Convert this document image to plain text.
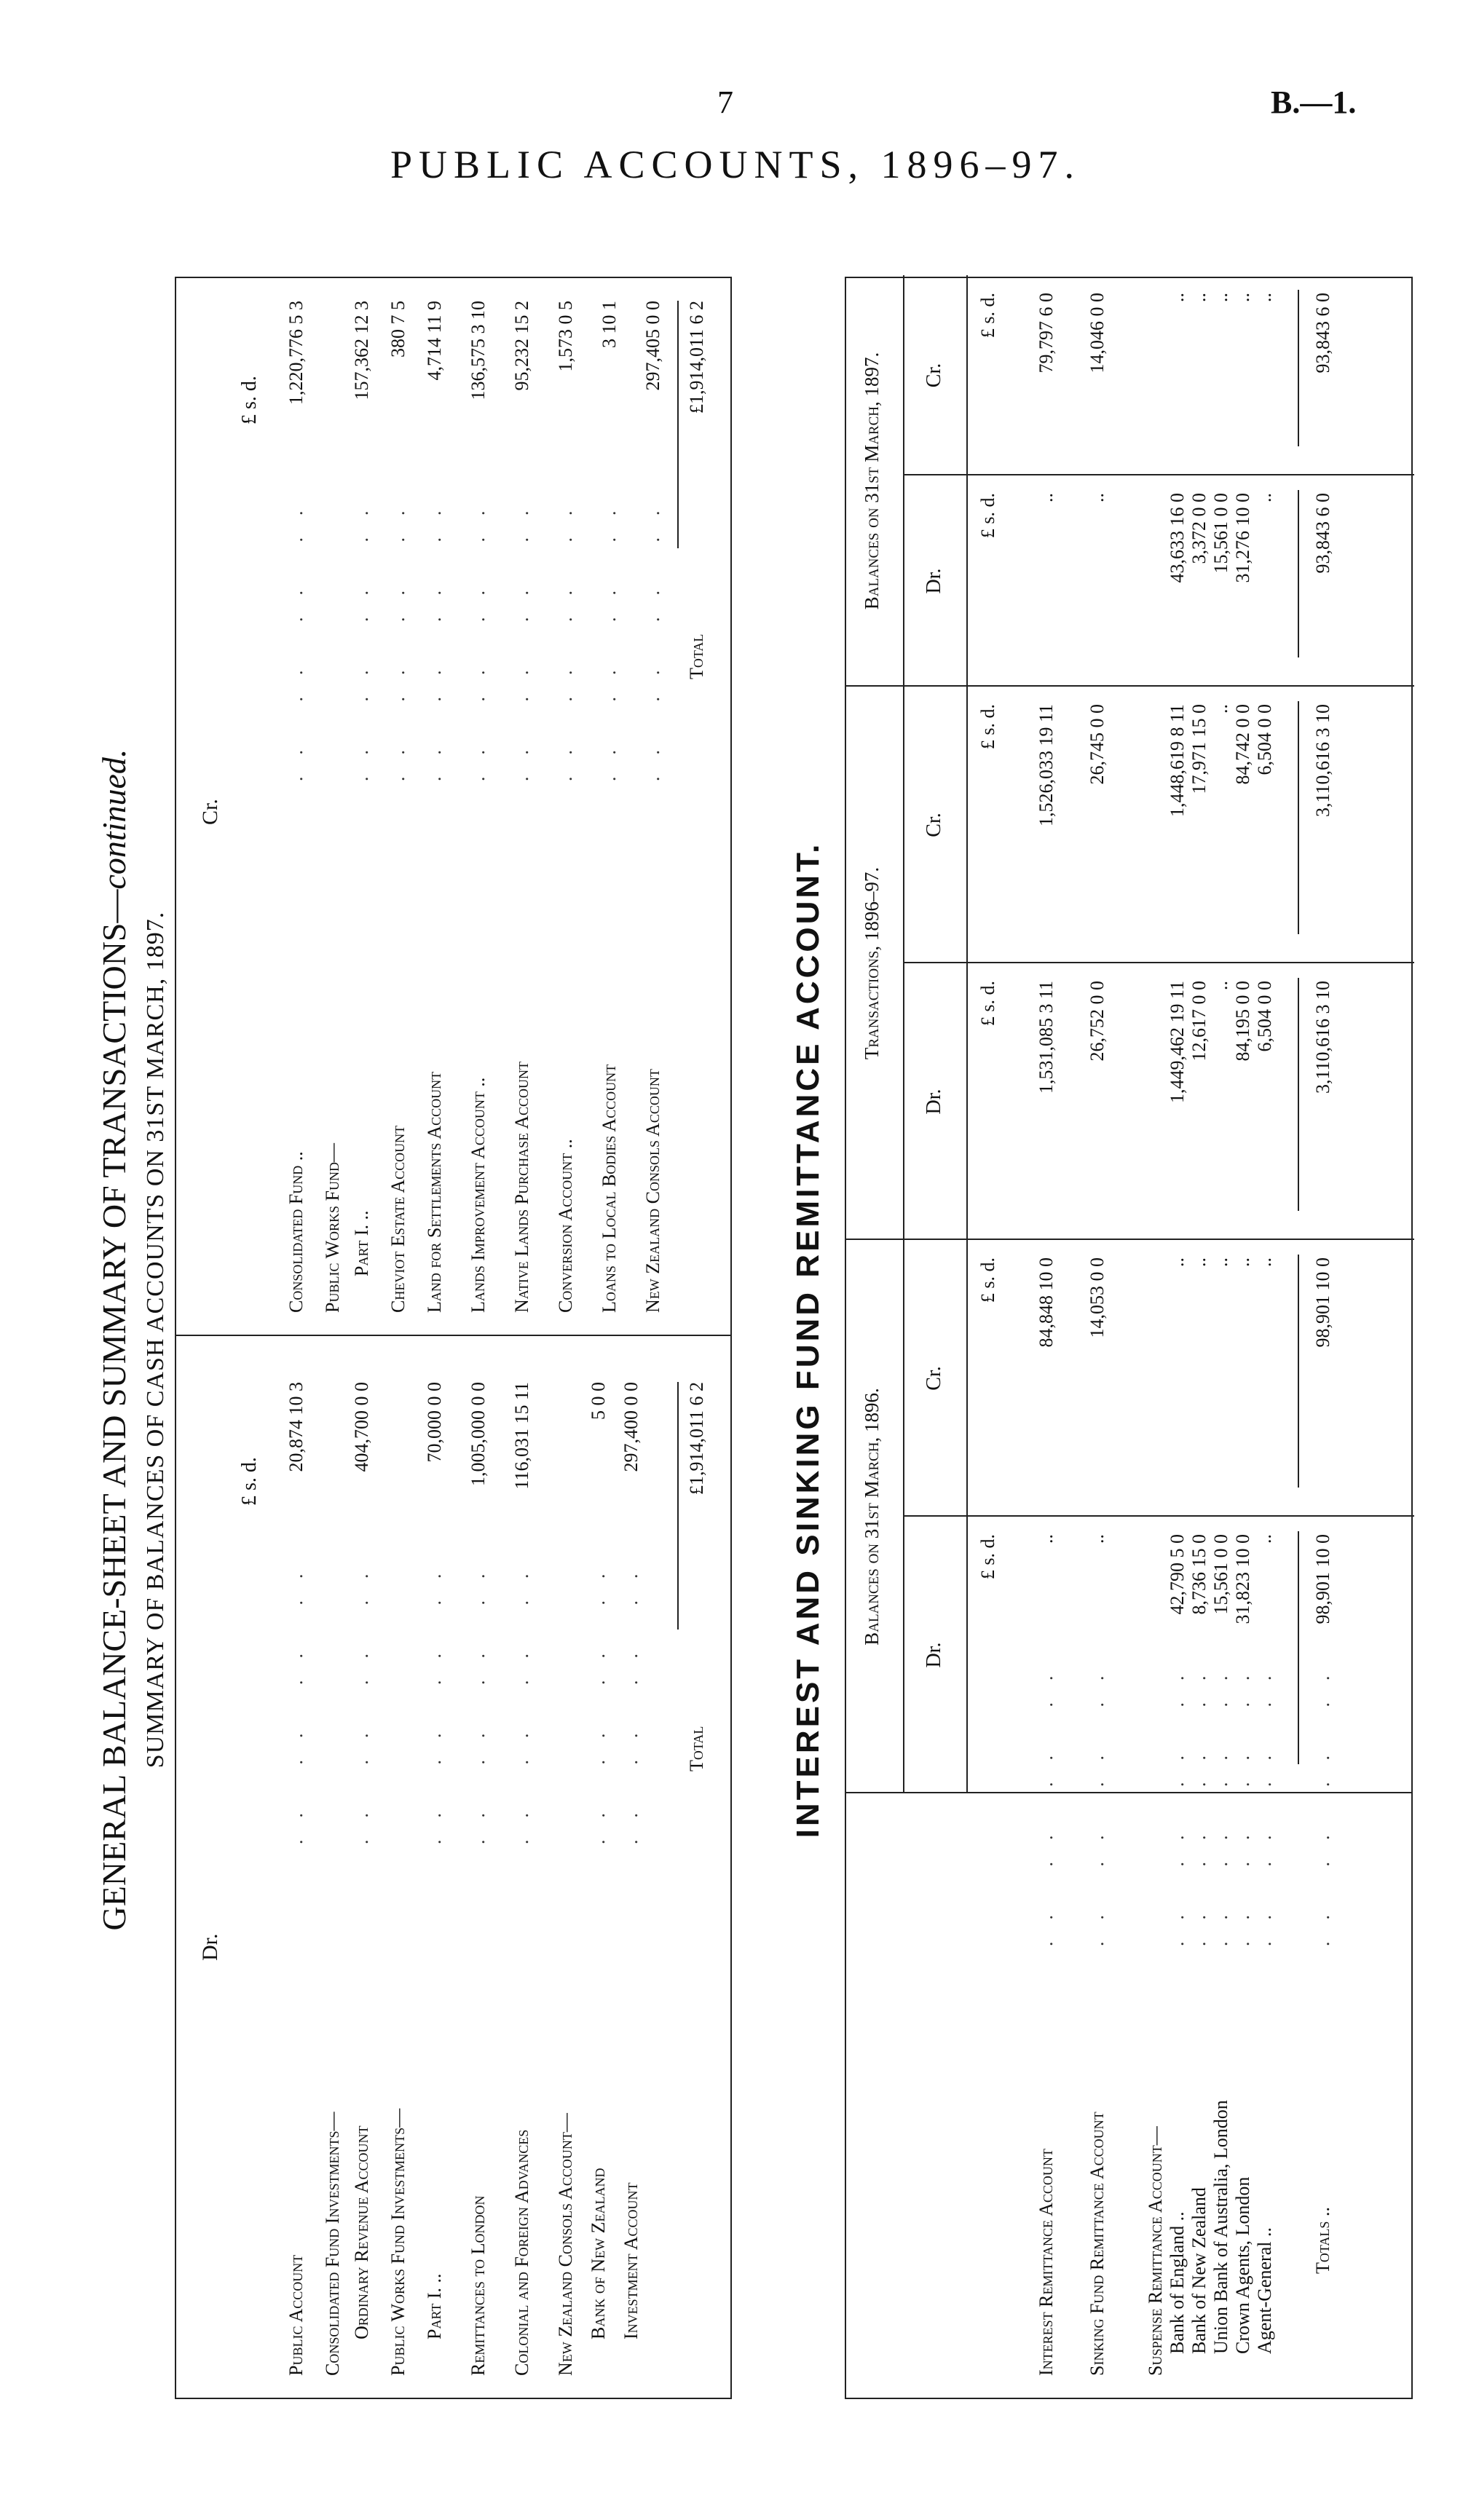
7	B.—1.
PUBLIC ACCOUNTS, 1896–97.
GENERAL BALANCE-SHEET AND SUMMARY OF TRANSACTIONS—continued.
SUMMARY OF BALANCES OF CASH ACCOUNTS ON 31ST MARCH, 1897.
Dr.
£ s. d.
Public Account
.. .. .. ..
20,874 10 3
Consolidated Fund Investments— Ordinary Revenue Account
.. .. .. ..
404,700 0 0
Public Works Fund Investments— Part I. ..
.. .. .. ..
70,000 0 0
Remittances to London
.. .. .. ..
1,005,000 0 0
Colonial and Foreign Advances
.. .. .. ..
116,031 15 11
New Zealand Consols Account— Bank of New Zealand
.. .. .. ..
5 0 0
Investment Account
.. .. .. ..
297,400 0 0
Total
£1,914,011 6 2
Cr.
£ s. d.
Consolidated Fund ..
.. .. .. ..
1,220,776 5 3
Public Works Fund— Part I. ..
.. .. .. ..
157,362 12 3
Cheviot Estate Account
.. .. .. ..
380 7 5
Land for Settlements Account
.. .. .. ..
4,714 11 9
Lands Improvement Account ..
.. .. .. ..
136,575 3 10
Native Lands Purchase Account
.. .. .. ..
95,232 15 2
Conversion Account ..
.. .. .. ..
1,573 0 5
Loans to Local Bodies Account
.. .. .. ..
3 10 1
New Zealand Consols Account
.. .. .. ..
297,405 0 0
Total
£1,914,011 6 2
INTEREST AND SINKING FUND REMITTANCE ACCOUNT. Balances on 31st March, 1896.
Transactions, 1896–97.
Balances on 31st March, 1897.
Dr.
£ s. d.
Cr.
£ s. d.
Dr.
£ s. d.
Cr.
£ s. d.
Dr.
£ s. d.
Cr.
£ s. d.
Interest Remittance Account
.. .. .. ..
..
84,848 10 0
1,531,085 3 11
1,526,033 19 11
..
79,797 6 0
Sinking Fund Remittance Account
.. .. .. ..
..
14,053 0 0
26,752 0 0
26,745 0 0
..
14,046 0 0
Suspense Remittance Account— Bank of England ..
.. .. .. ..
42,790 5 0
..
1,449,462 19 11
1,448,619 8 11
43,633 16 0
..
Bank of New Zealand
.. .. .. ..
8,736 15 0
..
12,617 0 0
17,971 15 0
3,372 0 0
..
Union Bank of Australia, London
.. .. .. ..
15,561 0 0
..
..
..
15,561 0 0
..
Crown Agents, London
.. .. .. ..
31,823 10 0
..
84,195 0 0
84,742 0 0
31,276 10 0
..
Agent-General ..
.. .. .. ..
..
..
6,504 0 0
6,504 0 0
..
..
Totals ..
.. .. .. ..
98,901 10 0
98,901 10 0
3,110,616 3 10
3,110,616 3 10
93,843 6 0
93,843 6 0
